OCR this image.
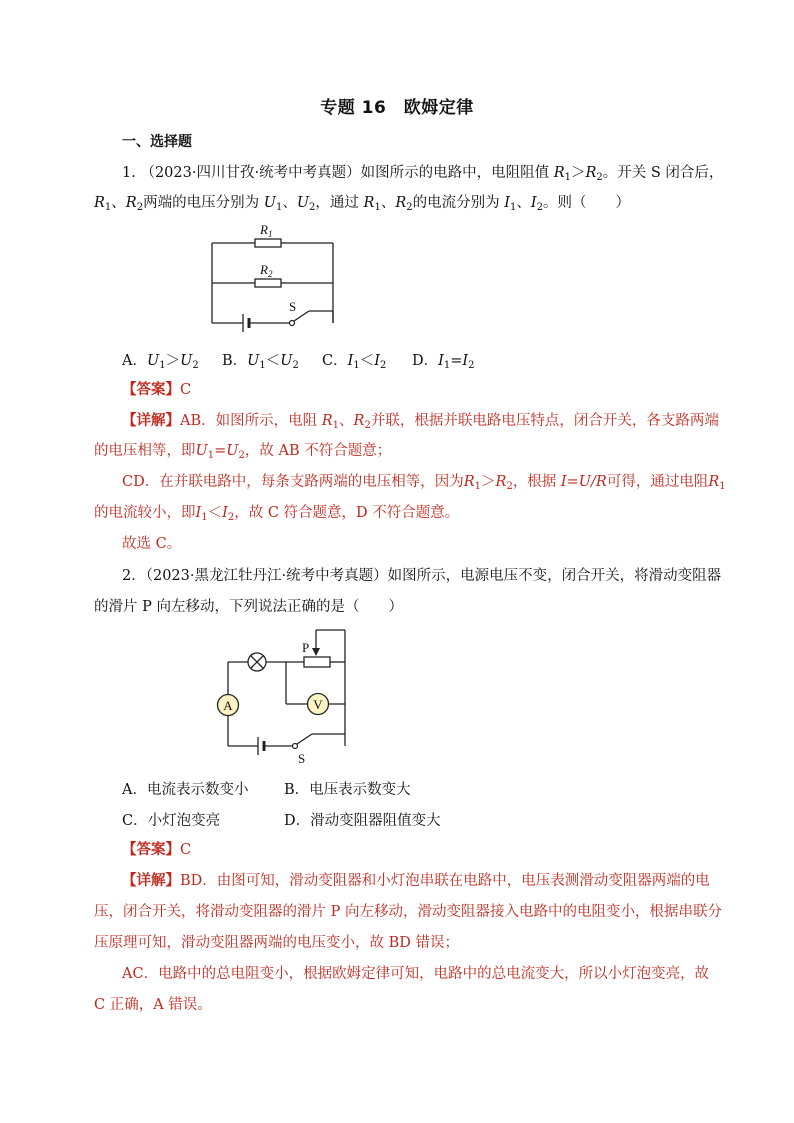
专题 16　欧姆定律
一、选择题
1. （2023·四川甘孜·统考中考真题）如图所示的电路中，电阻阻值 $R_1>R_2$。开关 S 闭合后，
$R_1$、$R_2$两端的电压分别为 $U_1$、$U_2$，通过 $R_1$、$R_2$的电流分别为 $I_1$、$I_2$。则（　　）
$R_1$
$R_2$
S
A．$U_1>U_2$ B．$U_1<U_2$ C．$I_1<I_2$ D．$I_1=I_2$
【答案】C
【详解】AB．如图所示，电阻 $R_1$、$R_2$并联，根据并联电路电压特点，闭合开关，各支路两端
的电压相等，即$U_1=U_2$，故 AB 不符合题意；
CD．在并联电路中，每条支路两端的电压相等，因为$R_1>R_2$，根据 I=U/R可得，通过电阻$R_1$
的电流较小，即$I_1<I_2$，故 C 符合题意，D 不符合题意。
故选 C。
2．（2023·黑龙江牡丹江·统考中考真题）如图所示，电源电压不变，闭合开关，将滑动变阻器
的滑片 P 向左移动，下列说法正确的是（　　）
A	V
S
P
A．电流表示数变小 B．电压表示数变大
C．小灯泡变亮	D．滑动变阻器阻值变大
【答案】C
【详解】BD．由图可知，滑动变阻器和小灯泡串联在电路中，电压表测滑动变阻器两端的电
压，闭合开关，将滑动变阻器的滑片 P 向左移动，滑动变阻器接入电路中的电阻变小，根据串联分
压原理可知，滑动变阻器两端的电压变小，故 BD 错误；
AC．电路中的总电阻变小，根据欧姆定律可知，电路中的总电流变大，所以小灯泡变亮，故
C 正确，A 错误。
